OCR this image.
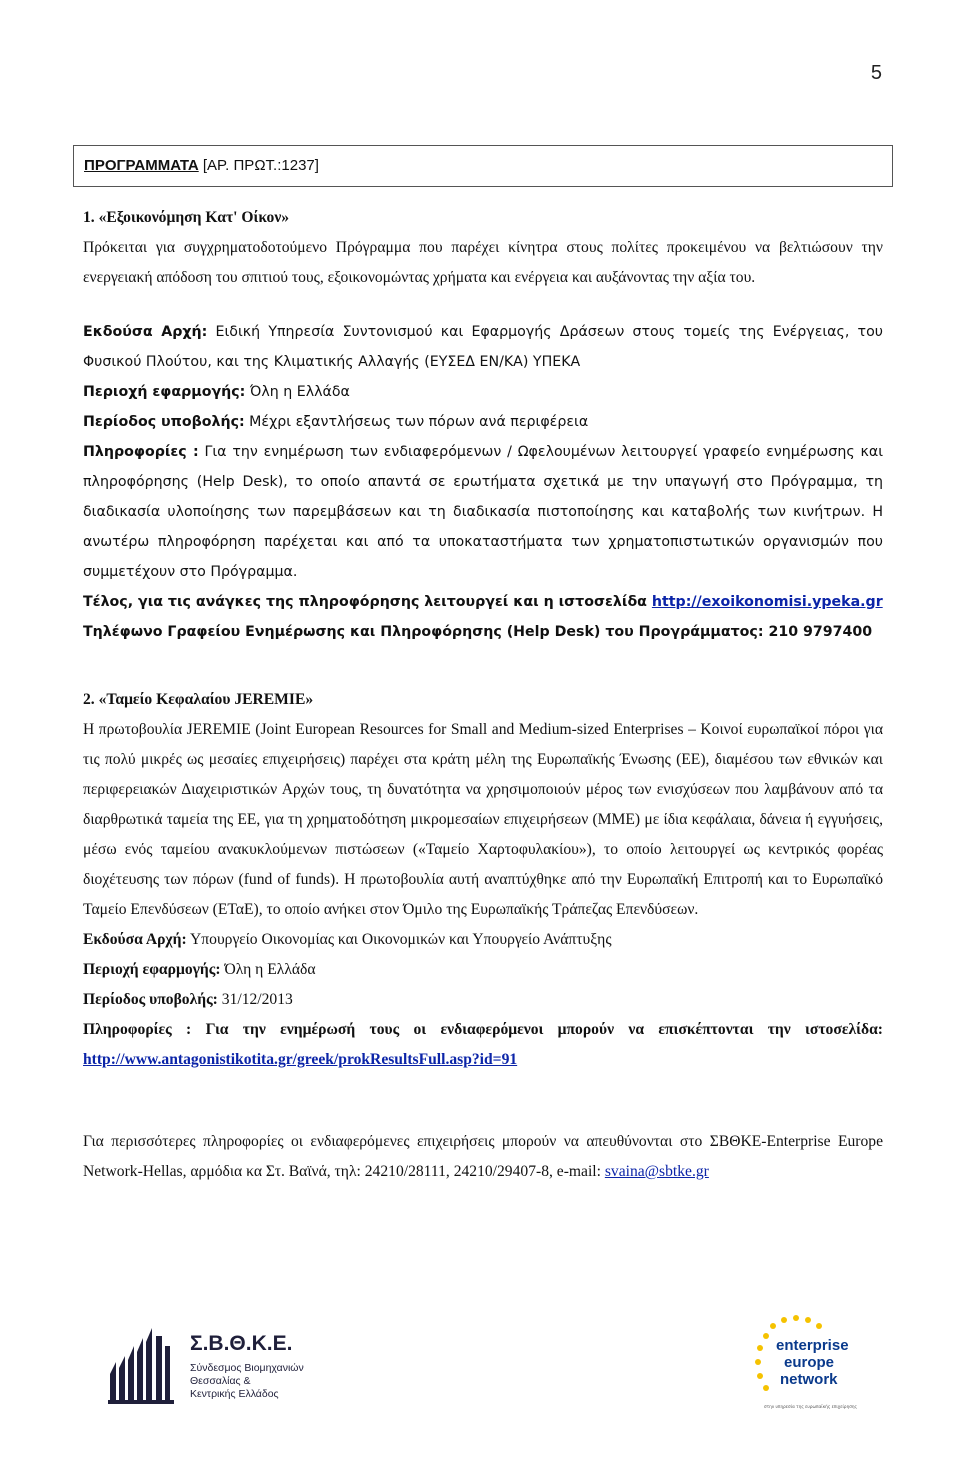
5
ΠΡΟΓΡΑΜΜΑΤΑ [ΑΡ. ΠΡΩΤ.:1237]
1. «Εξοικονόμηση Κατ' Οίκον»
Πρόκειται για συγχρηματοδοτούμενο Πρόγραμμα που παρέχει κίνητρα στους πολίτες προκειμένου να βελτιώσουν την ενεργειακή απόδοση του σπιτιού τους, εξοικονομώντας χρήματα και ενέργεια και αυξάνοντας την αξία του.

Εκδούσα Αρχή: Ειδική Υπηρεσία Συντονισμού και Εφαρμογής Δράσεων στους τομείς της Ενέργειας, του Φυσικού Πλούτου, και της Κλιματικής Αλλαγής (ΕΥΣΕΔ ΕΝ/ΚΑ) ΥΠΕΚΑ

Περιοχή εφαρμογής: Όλη η Ελλάδα

Περίοδος υποβολής: Μέχρι εξαντλήσεως των πόρων ανά περιφέρεια

Πληροφορίες : Για την ενημέρωση των ενδιαφερόμενων / Ωφελουμένων λειτουργεί γραφείο ενημέρωσης και πληροφόρησης (Help Desk), το οποίο απαντά σε ερωτήματα σχετικά με την υπαγωγή στο Πρόγραμμα, τη διαδικασία υλοποίησης των παρεμβάσεων και τη διαδικασία πιστοποίησης και καταβολής των κινήτρων. Η ανωτέρω πληροφόρηση παρέχεται και από τα υποκαταστήματα των χρηματοπιστωτικών οργανισμών που συμμετέχουν στο Πρόγραμμα.

Τέλος, για τις ανάγκες της πληροφόρησης λειτουργεί και η ιστοσελίδα http://exoikonomisi.ypeka.gr

Τηλέφωνο Γραφείου Ενημέρωσης και Πληροφόρησης (Help Desk) του Προγράμματος: 210 9797400

2. «Ταμείο Κεφαλαίου JEREMIE»

Η πρωτοβουλία JEREMIE (Joint European Resources for Small and Medium-sized Enterprises – Κοινοί ευρωπαϊκοί πόροι για τις πολύ μικρές ως μεσαίες επιχειρήσεις) παρέχει στα κράτη μέλη της Ευρωπαϊκής Ένωσης (ΕΕ), διαμέσου των εθνικών και περιφερειακών Διαχειριστικών Αρχών τους, τη δυνατότητα να χρησιμοποιούν μέρος των ενισχύσεων που λαμβάνουν από τα διαρθρωτικά ταμεία της ΕΕ, για τη χρηματοδότηση μικρομεσαίων επιχειρήσεων (ΜΜΕ) με ίδια κεφάλαια, δάνεια ή εγγυήσεις, μέσω ενός ταμείου ανακυκλούμενων πιστώσεων («Ταμείο Χαρτοφυλακίου»), το οποίο λειτουργεί ως κεντρικός φορέας διοχέτευσης των πόρων (fund of funds). Η πρωτοβουλία αυτή αναπτύχθηκε από την Ευρωπαϊκή Επιτροπή και το Ευρωπαϊκό Ταμείο Επενδύσεων (ΕΤαΕ), το οποίο ανήκει στον Όμιλο της Ευρωπαϊκής Τράπεζας Επενδύσεων.

Εκδούσα Αρχή: Υπουργείο Οικονομίας και Οικονομικών και Υπουργείο Ανάπτυξης

Περιοχή εφαρμογής: Όλη η Ελλάδα

Περίοδος υποβολής: 31/12/2013

Πληροφορίες : Για την ενημέρωσή τους οι ενδιαφερόμενοι μπορούν να επισκέπτονται την ιστοσελίδα: http://www.antagonistikotita.gr/greek/prokResultsFull.asp?id=91

Για περισσότερες πληροφορίες οι ενδιαφερόμενες επιχειρήσεις μπορούν να απευθύνονται στο ΣΒΘΚΕ-Enterprise Europe Network-Hellas, αρμόδια κα Στ. Βαϊνά, τηλ: 24210/28111, 24210/29407-8, e-mail: svaina@sbtke.gr

Σ.Β.Θ.Κ.Ε.
Σύνδεσμος Βιομηχανιών
Θεσσαλίας &
Κεντρικής Ελλάδος
enterprise
europe
network
στην υπηρεσία της ευρωπαϊκής επιχείρησης
